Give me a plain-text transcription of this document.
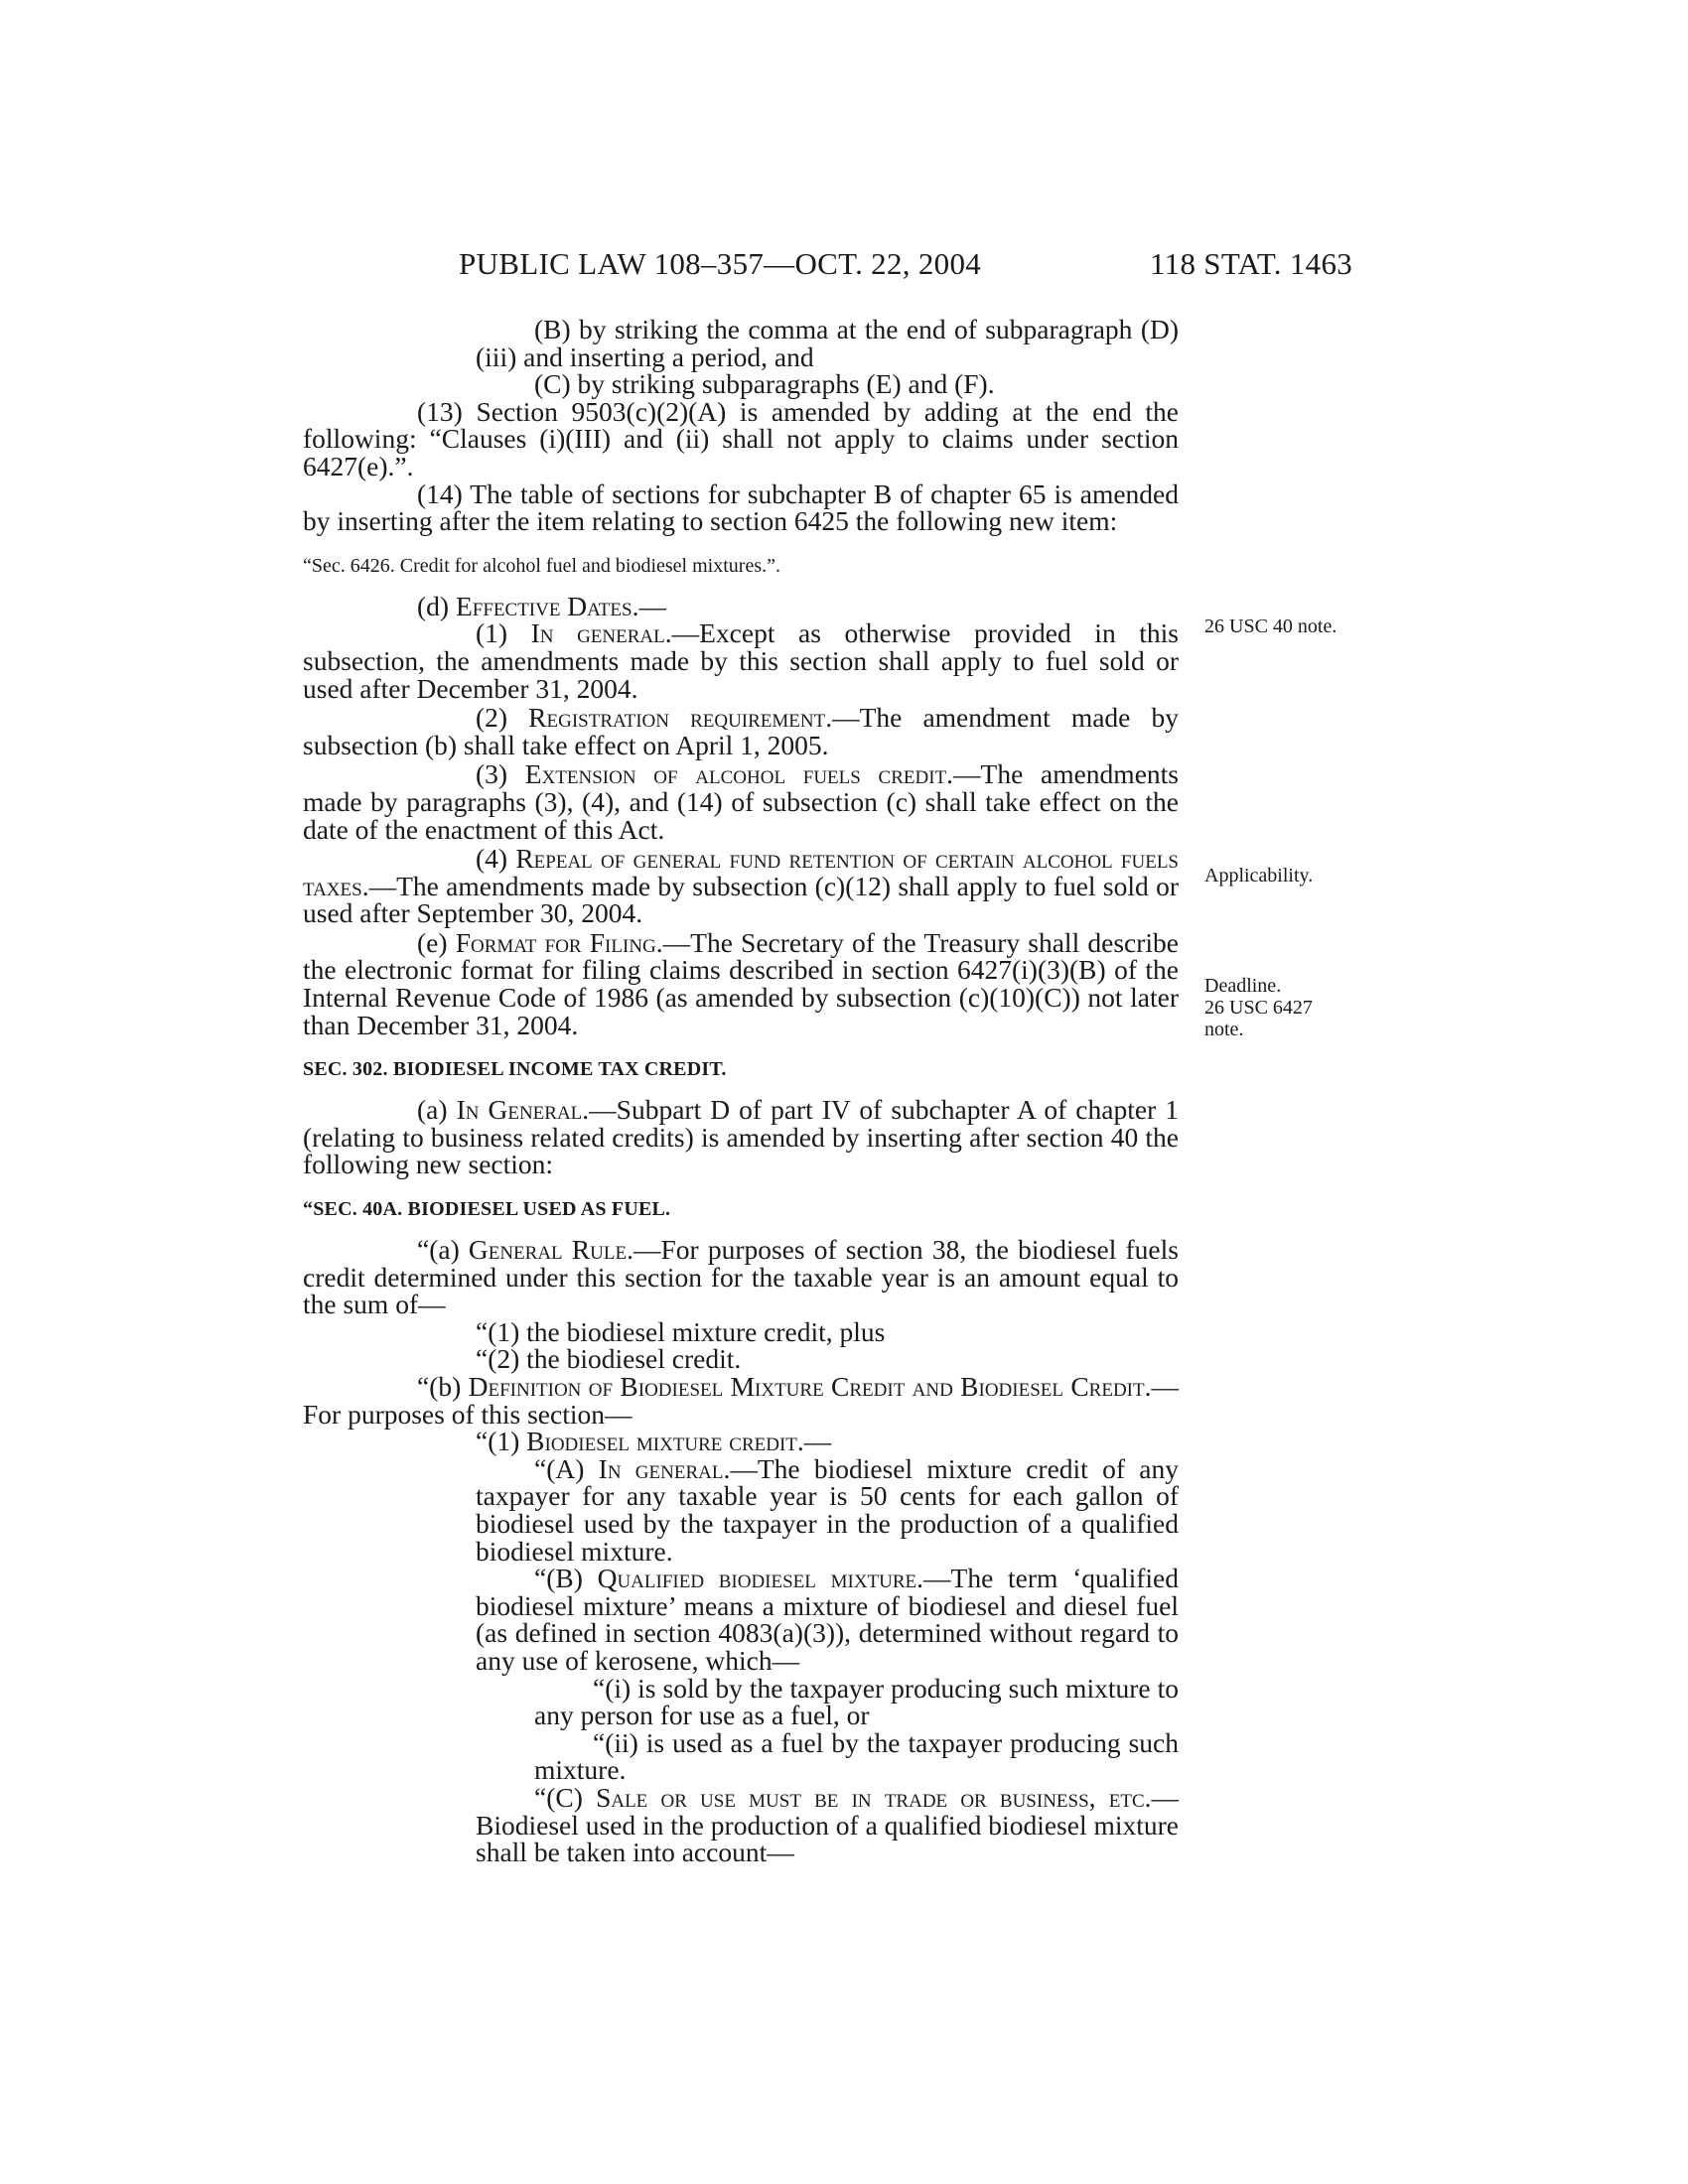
PUBLIC LAW 108–357—OCT. 22, 2004	118 STAT. 1463
(B) by striking the comma at the end of subparagraph (D)(iii) and inserting a period, and
(C) by striking subparagraphs (E) and (F).
(13) Section 9503(c)(2)(A) is amended by adding at the end the following: “Clauses (i)(III) and (ii) shall not apply to claims under section 6427(e).”.
(14) The table of sections for subchapter B of chapter 65 is amended by inserting after the item relating to section 6425 the following new item:
“Sec. 6426. Credit for alcohol fuel and biodiesel mixtures.”.
(d) Effective Dates.—
(1) In general.—Except as otherwise provided in this subsection, the amendments made by this section shall apply to fuel sold or used after December 31, 2004.
(2) Registration requirement.—The amendment made by subsection (b) shall take effect on April 1, 2005.
(3) Extension of alcohol fuels credit.—The amendments made by paragraphs (3), (4), and (14) of subsection (c) shall take effect on the date of the enactment of this Act.
(4) Repeal of general fund retention of certain alcohol fuels taxes.—The amendments made by subsection (c)(12) shall apply to fuel sold or used after September 30, 2004.
(e) Format for Filing.—The Secretary of the Treasury shall describe the electronic format for filing claims described in section 6427(i)(3)(B) of the Internal Revenue Code of 1986 (as amended by subsection (c)(10)(C)) not later than December 31, 2004.
SEC. 302. BIODIESEL INCOME TAX CREDIT.
(a) In General.—Subpart D of part IV of subchapter A of chapter 1 (relating to business related credits) is amended by inserting after section 40 the following new section:
“SEC. 40A. BIODIESEL USED AS FUEL.
“(a) General Rule.—For purposes of section 38, the biodiesel fuels credit determined under this section for the taxable year is an amount equal to the sum of—
“(1) the biodiesel mixture credit, plus
“(2) the biodiesel credit.
“(b) Definition of Biodiesel Mixture Credit and Biodiesel Credit.—For purposes of this section—
“(1) Biodiesel mixture credit.—
“(A) In general.—The biodiesel mixture credit of any taxpayer for any taxable year is 50 cents for each gallon of biodiesel used by the taxpayer in the production of a qualified biodiesel mixture.
“(B) Qualified biodiesel mixture.—The term ‘qualified biodiesel mixture’ means a mixture of biodiesel and diesel fuel (as defined in section 4083(a)(3)), determined without regard to any use of kerosene, which—
“(i) is sold by the taxpayer producing such mixture to any person for use as a fuel, or
“(ii) is used as a fuel by the taxpayer producing such mixture.
“(C) Sale or use must be in trade or business, etc.—Biodiesel used in the production of a qualified biodiesel mixture shall be taken into account—
26 USC 40 note.
Applicability.
Deadline.
26 USC 6427
note.
